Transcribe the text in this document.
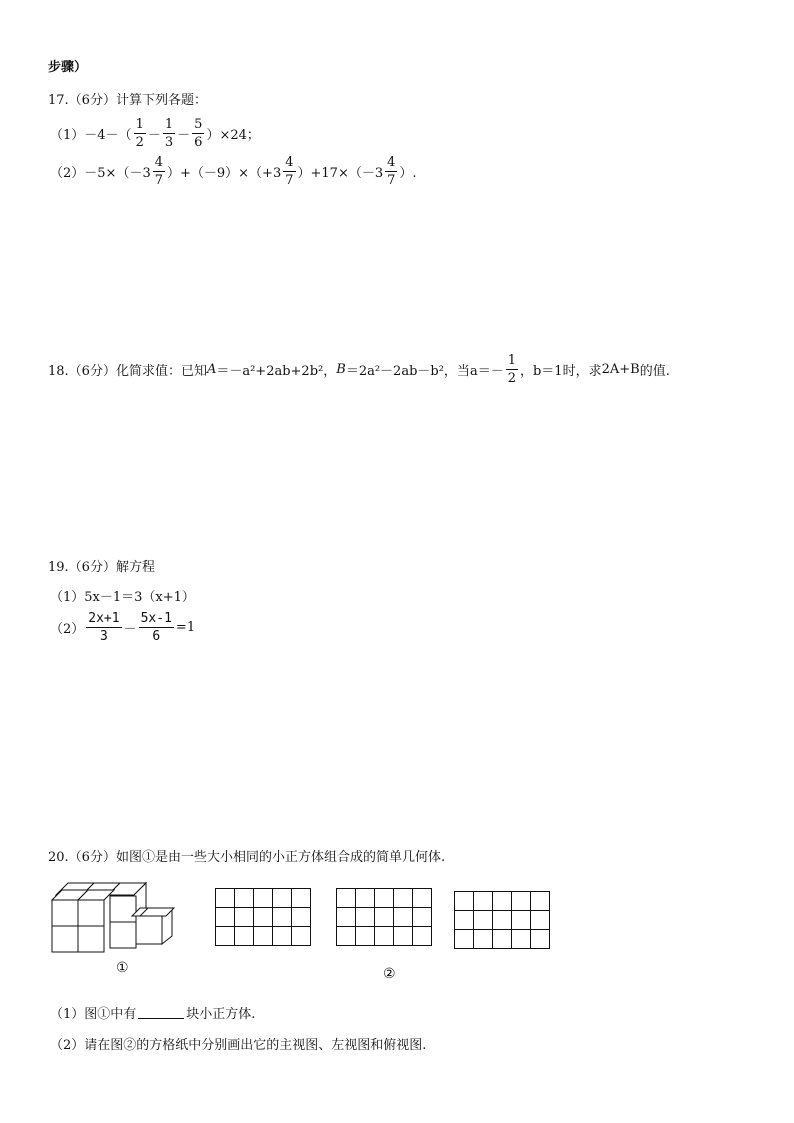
步骤）
17.（6分）计算下列各题：
$(1) -4-( \frac{1}{2} - \frac{1}{3} - \frac{5}{6} )\times 24$；
$(2) -5\times(-3 \frac{4}{7} )+(-9)\times(+3 \frac{4}{7} )+17\times(-3 \frac{4}{7}$ ）.
18.（6分）化简求值：已知 A ＝－a²+2ab+2b²， B ＝2a²－2ab－b²，当 $a=- \frac{1}{2}$ ，b＝1时，求 2A+B 的值.
19.（6分）解方程
（1） 5x－1＝3（x+1）
$(2) \frac{2x+1}{3} - \frac{5x-1}{6} =1$
20.（6分）如图①是由一些大小相同的小正方体组合成的简单几何体.
①

					②
（1）图①中有	块小正方体.
（2）请在图②的方格纸中分别画出它的主视图、左视图和俯视图.
